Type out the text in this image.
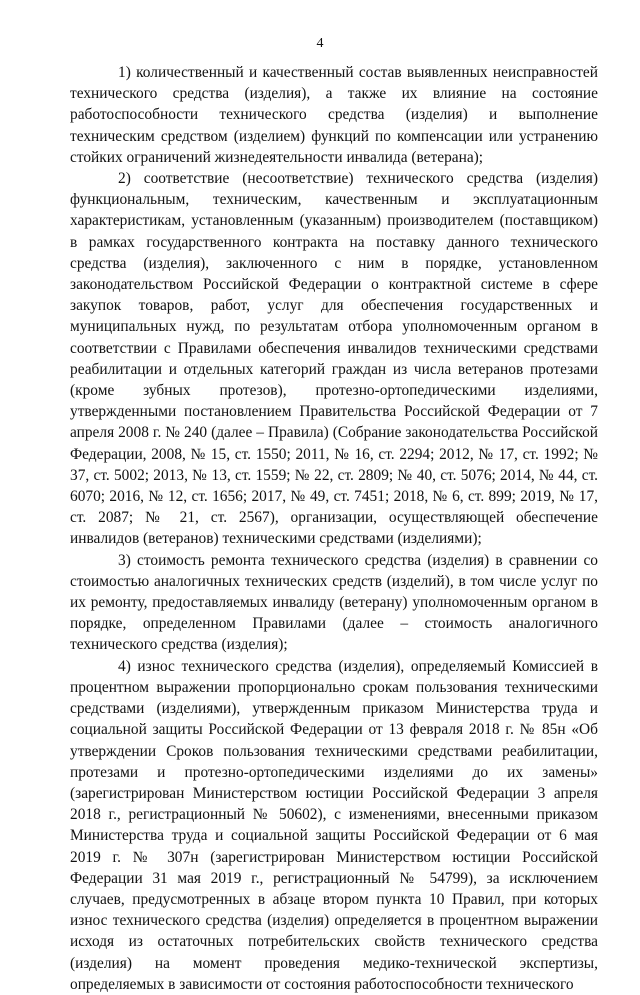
4

1) количественный и качественный состав выявленных неисправностей технического средства (изделия), а также их влияние на состояние работоспособности технического средства (изделия) и выполнение техническим средством (изделием) функций по компенсации или устранению стойких ограничений жизнедеятельности инвалида (ветерана);

2) соответствие (несоответствие) технического средства (изделия) функциональным, техническим, качественным и эксплуатационным характеристикам, установленным (указанным) производителем (поставщиком) в рамках государственного контракта на поставку данного технического средства (изделия), заключенного с ним в порядке, установленном законодательством Российской Федерации о контрактной системе в сфере закупок товаров, работ, услуг для обеспечения государственных и муниципальных нужд, по результатам отбора уполномоченным органом в соответствии с Правилами обеспечения инвалидов техническими средствами реабилитации и отдельных категорий граждан из числа ветеранов протезами (кроме зубных протезов), протезно-ортопедическими изделиями, утвержденными постановлением Правительства Российской Федерации от 7 апреля 2008 г. № 240 (далее – Правила) (Собрание законодательства Российской Федерации, 2008, № 15, ст. 1550; 2011, № 16, ст. 2294; 2012, № 17, ст. 1992; № 37, ст. 5002; 2013, № 13, ст. 1559; № 22, ст. 2809; № 40, ст. 5076; 2014, № 44, ст. 6070; 2016, № 12, ст. 1656; 2017, № 49, ст. 7451; 2018, № 6, ст. 899; 2019, № 17, ст. 2087; № 21, ст. 2567), организации, осуществляющей обеспечение инвалидов (ветеранов) техническими средствами (изделиями);

3) стоимость ремонта технического средства (изделия) в сравнении со стоимостью аналогичных технических средств (изделий), в том числе услуг по их ремонту, предоставляемых инвалиду (ветерану) уполномоченным органом в порядке, определенном Правилами (далее – стоимость аналогичного технического средства (изделия);

4) износ технического средства (изделия), определяемый Комиссией в процентном выражении пропорционально срокам пользования техническими средствами (изделиями), утвержденным приказом Министерства труда и социальной защиты Российской Федерации от 13 февраля 2018 г. № 85н «Об утверждении Сроков пользования техническими средствами реабилитации, протезами и протезно-ортопедическими изделиями до их замены» (зарегистрирован Министерством юстиции Российской Федерации 3 апреля 2018 г., регистрационный № 50602), с изменениями, внесенными приказом Министерства труда и социальной защиты Российской Федерации от 6 мая 2019 г. № 307н (зарегистрирован Министерством юстиции Российской Федерации 31 мая 2019 г., регистрационный № 54799), за исключением случаев, предусмотренных в абзаце втором пункта 10 Правил, при которых износ технического средства (изделия) определяется в процентном выражении исходя из остаточных потребительских свойств технического средства (изделия) на момент проведения медико-технической экспертизы, определяемых в зависимости от состояния работоспособности технического
